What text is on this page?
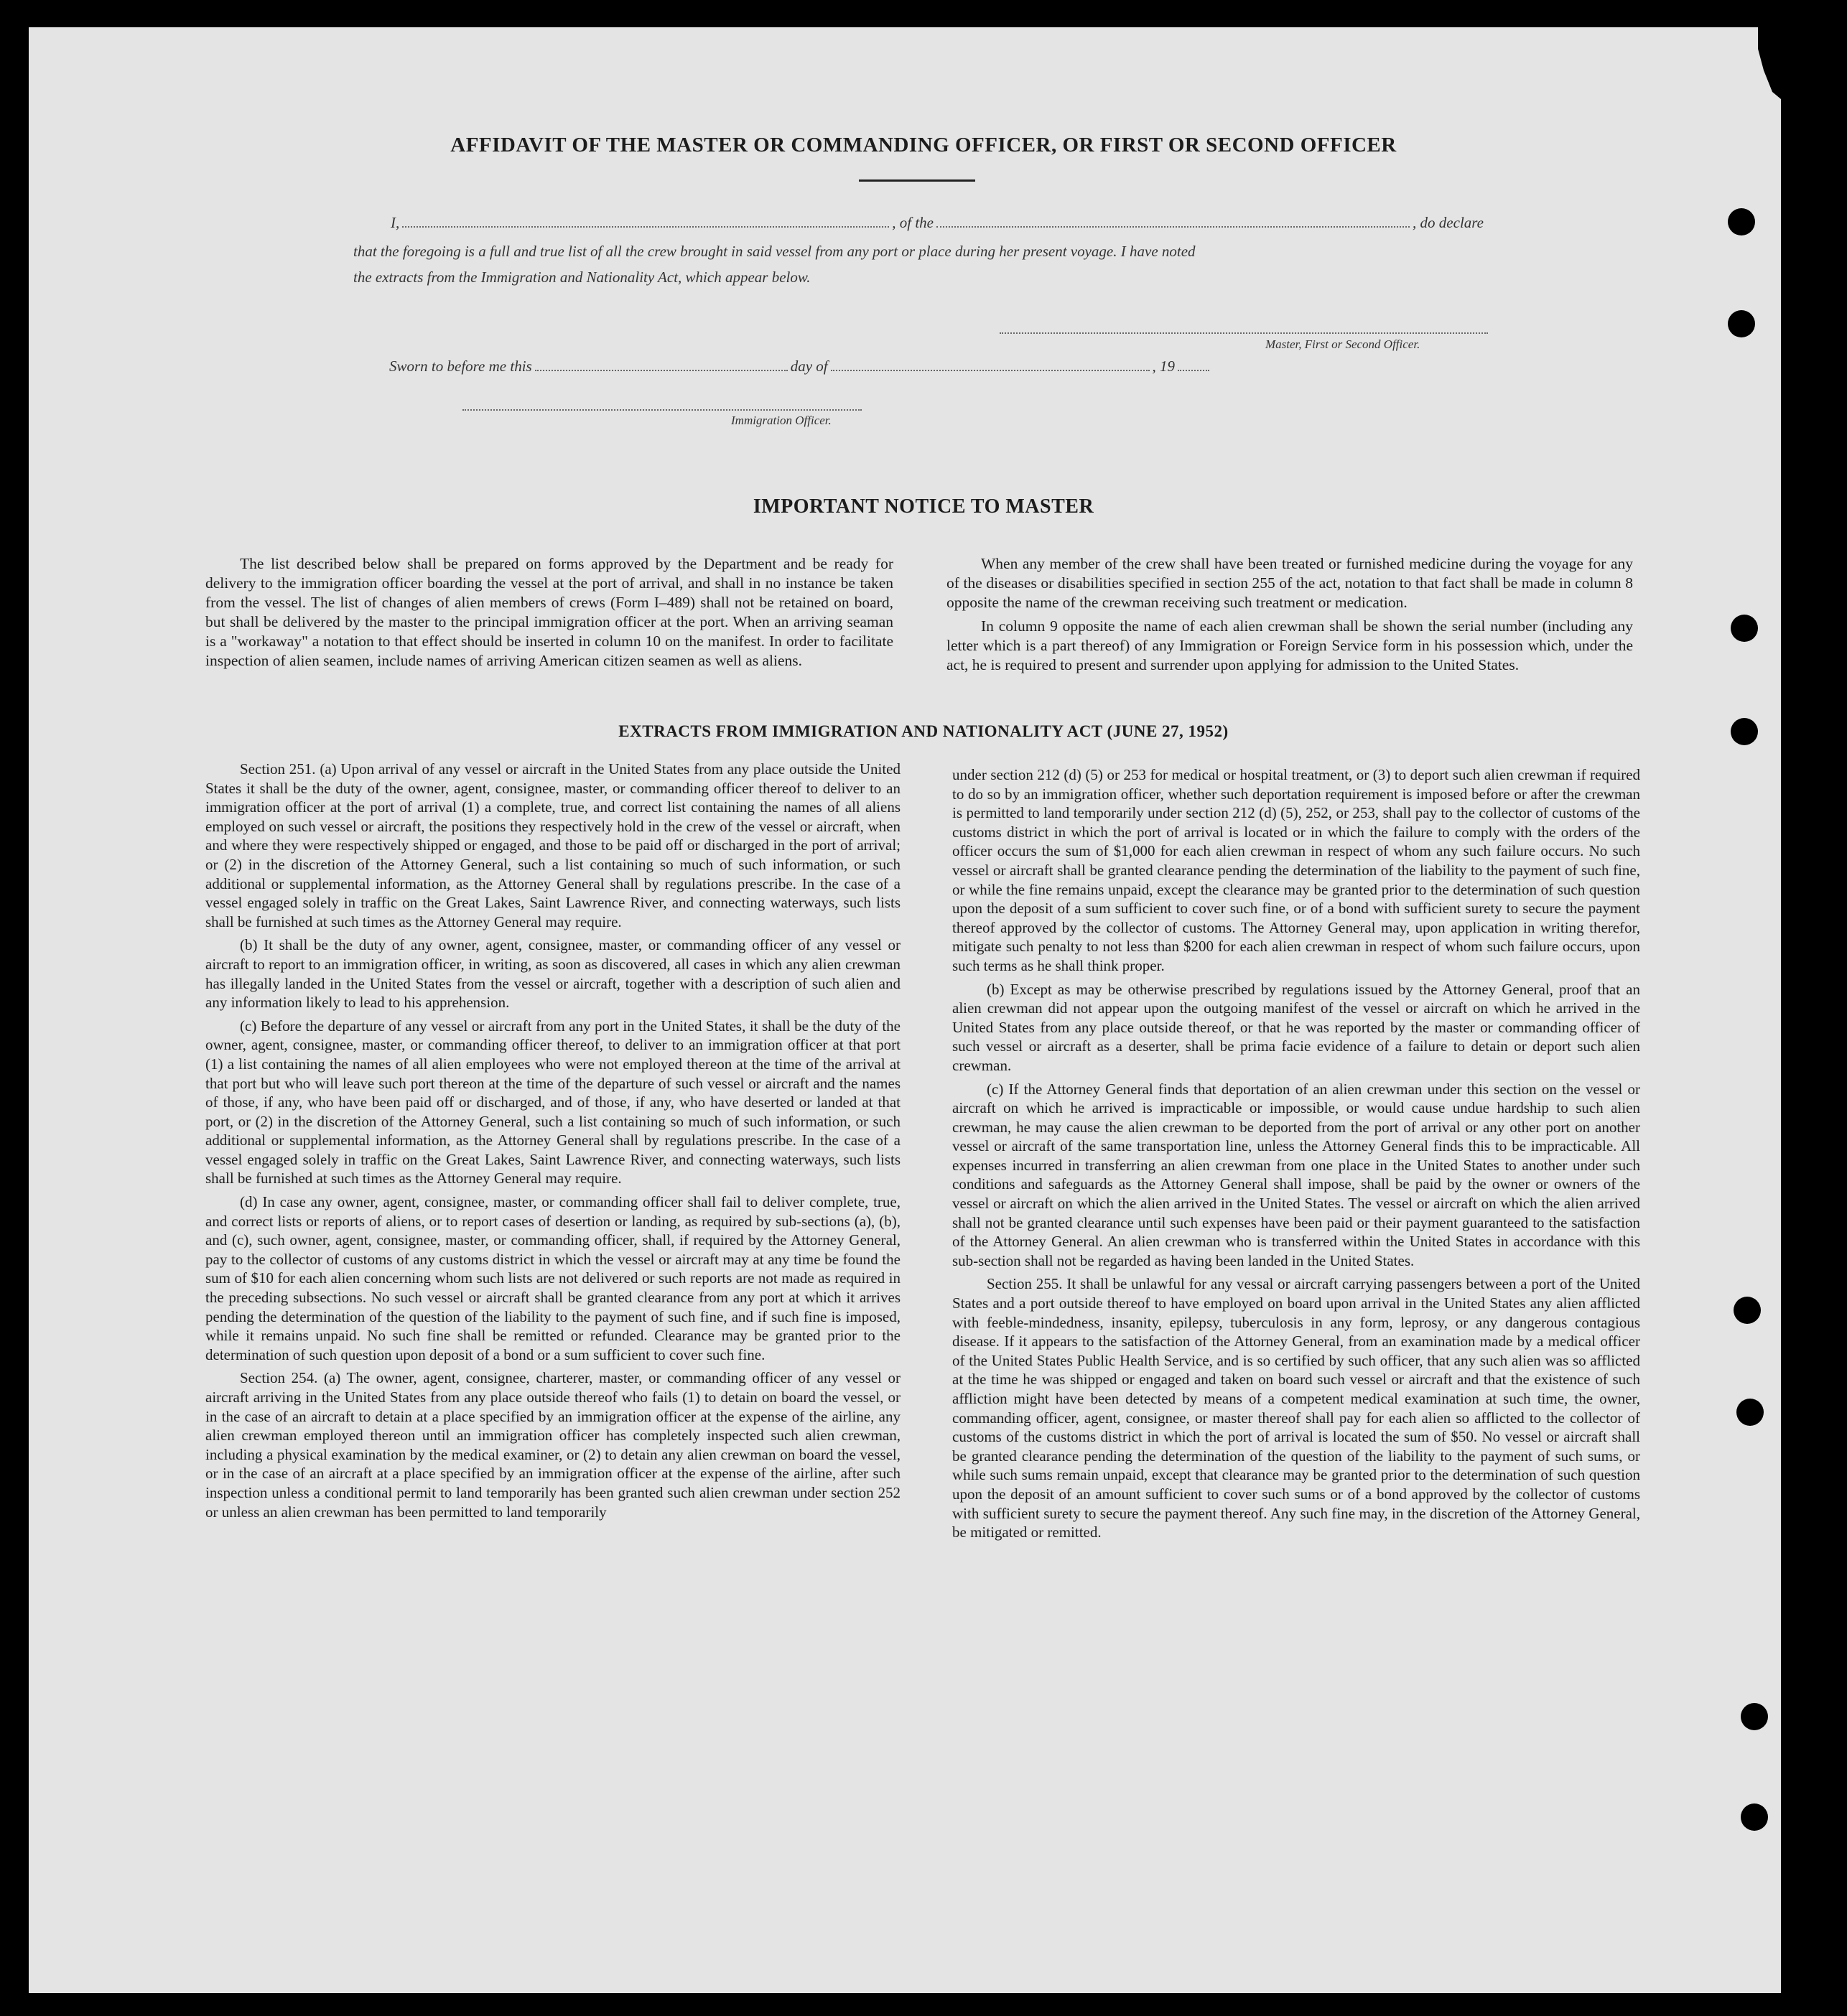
AFFIDAVIT OF THE MASTER OR COMMANDING OFFICER, OR FIRST OR SECOND OFFICER
I,	, of the	, do declare
that the foregoing is a full and true list of all the crew brought in said vessel from any port or place during her present voyage. I have noted
the extracts from the Immigration and Nationality Act, which appear below.
Master, First or Second Officer.
Sworn to before me this	day of	, 19
Immigration Officer.
IMPORTANT NOTICE TO MASTER

The list described below shall be prepared on forms approved by the Department and be ready for delivery to the immigration officer boarding the vessel at the port of arrival, and shall in no instance be taken from the vessel. The list of changes of alien members of crews (Form I–489) shall not be retained on board, but shall be delivered by the master to the principal immigration officer at the port. When an arriving seaman is a "workaway" a notation to that effect should be inserted in column 10 on the manifest. In order to facilitate inspection of alien seamen, include names of arriving American citizen seamen as well as aliens.

When any member of the crew shall have been treated or furnished medicine during the voyage for any of the diseases or disabilities specified in section 255 of the act, notation to that fact shall be made in column 8 opposite the name of the crewman receiving such treatment or medication.

In column 9 opposite the name of each alien crewman shall be shown the serial number (including any letter which is a part thereof) of any Immigration or Foreign Service form in his possession which, under the act, he is required to present and surrender upon applying for admission to the United States.

EXTRACTS FROM IMMIGRATION AND NATIONALITY ACT (JUNE 27, 1952)

Section 251. (a) Upon arrival of any vessel or aircraft in the United States from any place outside the United States it shall be the duty of the owner, agent, consignee, master, or commanding officer thereof to deliver to an immigration officer at the port of arrival (1) a complete, true, and correct list containing the names of all aliens employed on such vessel or aircraft, the positions they respectively hold in the crew of the vessel or aircraft, when and where they were respectively shipped or engaged, and those to be paid off or discharged in the port of arrival; or (2) in the discretion of the Attorney General, such a list containing so much of such information, or such additional or supplemental information, as the Attorney General shall by regulations prescribe. In the case of a vessel engaged solely in traffic on the Great Lakes, Saint Lawrence River, and connecting waterways, such lists shall be furnished at such times as the Attorney General may require.

(b) It shall be the duty of any owner, agent, consignee, master, or commanding officer of any vessel or aircraft to report to an immigration officer, in writing, as soon as discovered, all cases in which any alien crewman has illegally landed in the United States from the vessel or aircraft, together with a description of such alien and any information likely to lead to his apprehension.

(c) Before the departure of any vessel or aircraft from any port in the United States, it shall be the duty of the owner, agent, consignee, master, or commanding officer thereof, to deliver to an immigration officer at that port (1) a list containing the names of all alien employees who were not employed thereon at the time of the arrival at that port but who will leave such port thereon at the time of the departure of such vessel or aircraft and the names of those, if any, who have been paid off or discharged, and of those, if any, who have deserted or landed at that port, or (2) in the discretion of the Attorney General, such a list containing so much of such information, or such additional or supplemental information, as the Attorney General shall by regulations prescribe. In the case of a vessel engaged solely in traffic on the Great Lakes, Saint Lawrence River, and connecting waterways, such lists shall be furnished at such times as the Attorney General may require.

(d) In case any owner, agent, consignee, master, or commanding officer shall fail to deliver complete, true, and correct lists or reports of aliens, or to report cases of desertion or landing, as required by sub-sections (a), (b), and (c), such owner, agent, consignee, master, or commanding officer, shall, if required by the Attorney General, pay to the collector of customs of any customs district in which the vessel or aircraft may at any time be found the sum of $10 for each alien concerning whom such lists are not delivered or such reports are not made as required in the preceding subsections. No such vessel or aircraft shall be granted clearance from any port at which it arrives pending the determination of the question of the liability to the payment of such fine, and if such fine is imposed, while it remains unpaid. No such fine shall be remitted or refunded. Clearance may be granted prior to the determination of such question upon deposit of a bond or a sum sufficient to cover such fine.

Section 254. (a) The owner, agent, consignee, charterer, master, or commanding officer of any vessel or aircraft arriving in the United States from any place outside thereof who fails (1) to detain on board the vessel, or in the case of an aircraft to detain at a place specified by an immigration officer at the expense of the airline, any alien crewman employed thereon until an immigration officer has completely inspected such alien crewman, including a physical examination by the medical examiner, or (2) to detain any alien crewman on board the vessel, or in the case of an aircraft at a place specified by an immigration officer at the expense of the airline, after such inspection unless a conditional permit to land temporarily has been granted such alien crewman under section 252 or unless an alien crewman has been permitted to land temporarily

under section 212 (d) (5) or 253 for medical or hospital treatment, or (3) to deport such alien crewman if required to do so by an immigration officer, whether such deportation requirement is imposed before or after the crewman is permitted to land temporarily under section 212 (d) (5), 252, or 253, shall pay to the collector of customs of the customs district in which the port of arrival is located or in which the failure to comply with the orders of the officer occurs the sum of $1,000 for each alien crewman in respect of whom any such failure occurs. No such vessel or aircraft shall be granted clearance pending the determination of the liability to the payment of such fine, or while the fine remains unpaid, except the clearance may be granted prior to the determination of such question upon the deposit of a sum sufficient to cover such fine, or of a bond with sufficient surety to secure the payment thereof approved by the collector of customs. The Attorney General may, upon application in writing therefor, mitigate such penalty to not less than $200 for each alien crewman in respect of whom such failure occurs, upon such terms as he shall think proper.

(b) Except as may be otherwise prescribed by regulations issued by the Attorney General, proof that an alien crewman did not appear upon the outgoing manifest of the vessel or aircraft on which he arrived in the United States from any place outside thereof, or that he was reported by the master or commanding officer of such vessel or aircraft as a deserter, shall be prima facie evidence of a failure to detain or deport such alien crewman.

(c) If the Attorney General finds that deportation of an alien crewman under this section on the vessel or aircraft on which he arrived is impracticable or impossible, or would cause undue hardship to such alien crewman, he may cause the alien crewman to be deported from the port of arrival or any other port on another vessel or aircraft of the same transportation line, unless the Attorney General finds this to be impracticable. All expenses incurred in transferring an alien crewman from one place in the United States to another under such conditions and safeguards as the Attorney General shall impose, shall be paid by the owner or owners of the vessel or aircraft on which the alien arrived in the United States. The vessel or aircraft on which the alien arrived shall not be granted clearance until such expenses have been paid or their payment guaranteed to the satisfaction of the Attorney General. An alien crewman who is transferred within the United States in accordance with this sub-section shall not be regarded as having been landed in the United States.

Section 255. It shall be unlawful for any vessal or aircraft carrying passengers between a port of the United States and a port outside thereof to have employed on board upon arrival in the United States any alien afflicted with feeble-mindedness, insanity, epilepsy, tuberculosis in any form, leprosy, or any dangerous contagious disease. If it appears to the satisfaction of the Attorney General, from an examination made by a medical officer of the United States Public Health Service, and is so certified by such officer, that any such alien was so afflicted at the time he was shipped or engaged and taken on board such vessel or aircraft and that the existence of such affliction might have been detected by means of a competent medical examination at such time, the owner, commanding officer, agent, consignee, or master thereof shall pay for each alien so afflicted to the collector of customs of the customs district in which the port of arrival is located the sum of $50. No vessel or aircraft shall be granted clearance pending the determination of the question of the liability to the payment of such sums, or while such sums remain unpaid, except that clearance may be granted prior to the determination of such question upon the deposit of an amount sufficient to cover such sums or of a bond approved by the collector of customs with sufficient surety to secure the payment thereof. Any such fine may, in the discretion of the Attorney General, be mitigated or remitted.
